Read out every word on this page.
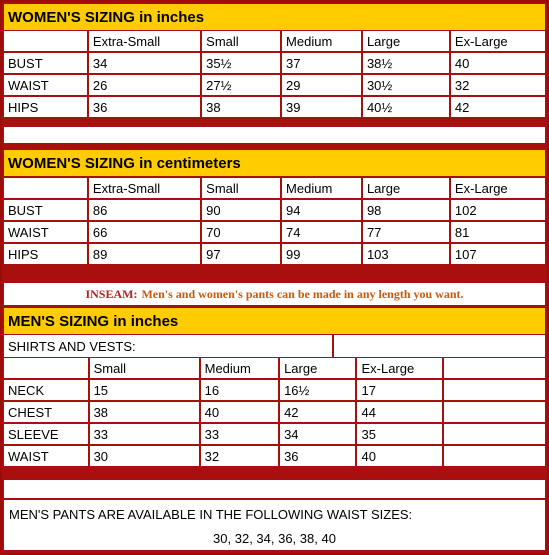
WOMEN'S SIZING in inches
	Extra-Small	Small	Medium	Large	Ex-Large
BUST	34	35½	37	38½	40
WAIST	26	27½	29	30½	32
HIPS	36	38	39	40½	42
WOMEN'S SIZING in centimeters
	Extra-Small	Small	Medium	Large	Ex-Large
BUST	86	90	94	98	102
WAIST	66	70	74	77	81
HIPS	89	97	99	103	107
INSEAM: Men's and women's pants can be made in any length you want.
MEN'S SIZING in inches
SHIRTS AND VESTS:
	Small	Medium	Large	Ex-Large	
NECK	15	16	16½	17	
CHEST	38	40	42	44	
SLEEVE	33	33	34	35	
WAIST	30	32	36	40	
MEN'S PANTS ARE AVAILABLE IN THE FOLLOWING WAIST SIZES:
30, 32, 34, 36, 38, 40
